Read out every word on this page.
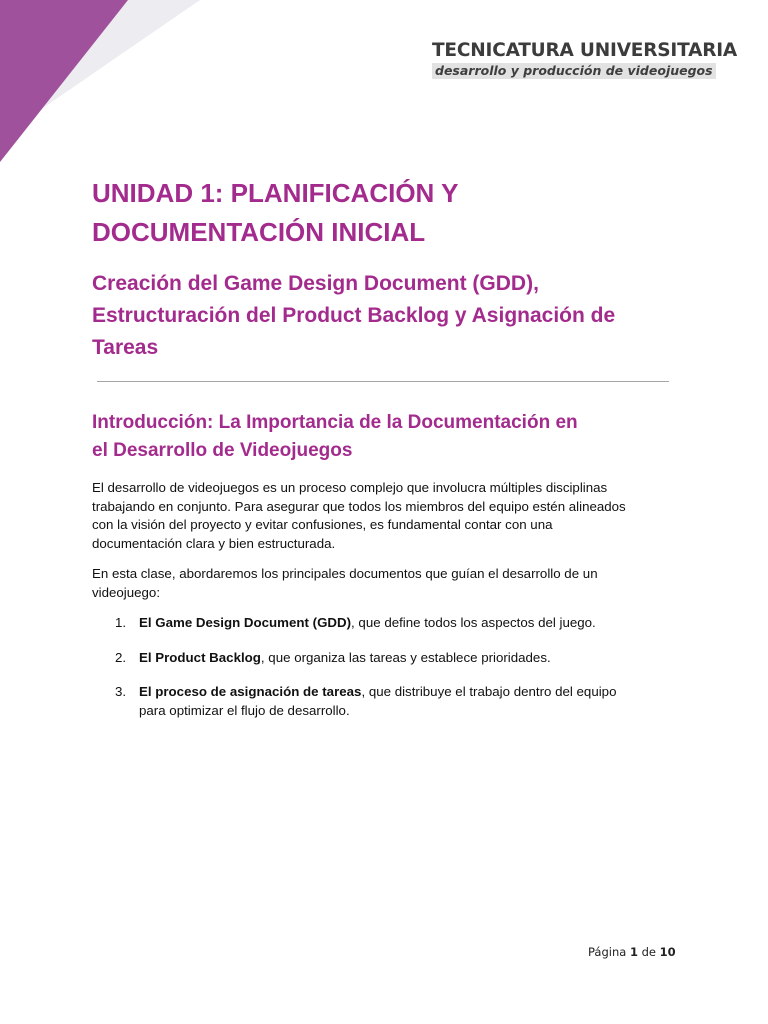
TECNICATURA UNIVERSITARIA
desarrollo y producción de videojuegos
UNIDAD 1: PLANIFICACIÓN Y
DOCUMENTACIÓN INICIAL
Creación del Game Design Document (GDD),
Estructuración del Product Backlog y Asignación de
Tareas
Introducción: La Importancia de la Documentación en
el Desarrollo de Videojuegos

El desarrollo de videojuegos es un proceso complejo que involucra múltiples disciplinas
trabajando en conjunto. Para asegurar que todos los miembros del equipo estén alineados
con la visión del proyecto y evitar confusiones, es fundamental contar con una
documentación clara y bien estructurada.

En esta clase, abordaremos los principales documentos que guían el desarrollo de un
videojuego:

1. El Game Design Document (GDD), que define todos los aspectos del juego.
2. El Product Backlog, que organiza las tareas y establece prioridades.
3. El proceso de asignación de tareas, que distribuye el trabajo dentro del equipo
para optimizar el flujo de desarrollo.
Página 1 de 10
